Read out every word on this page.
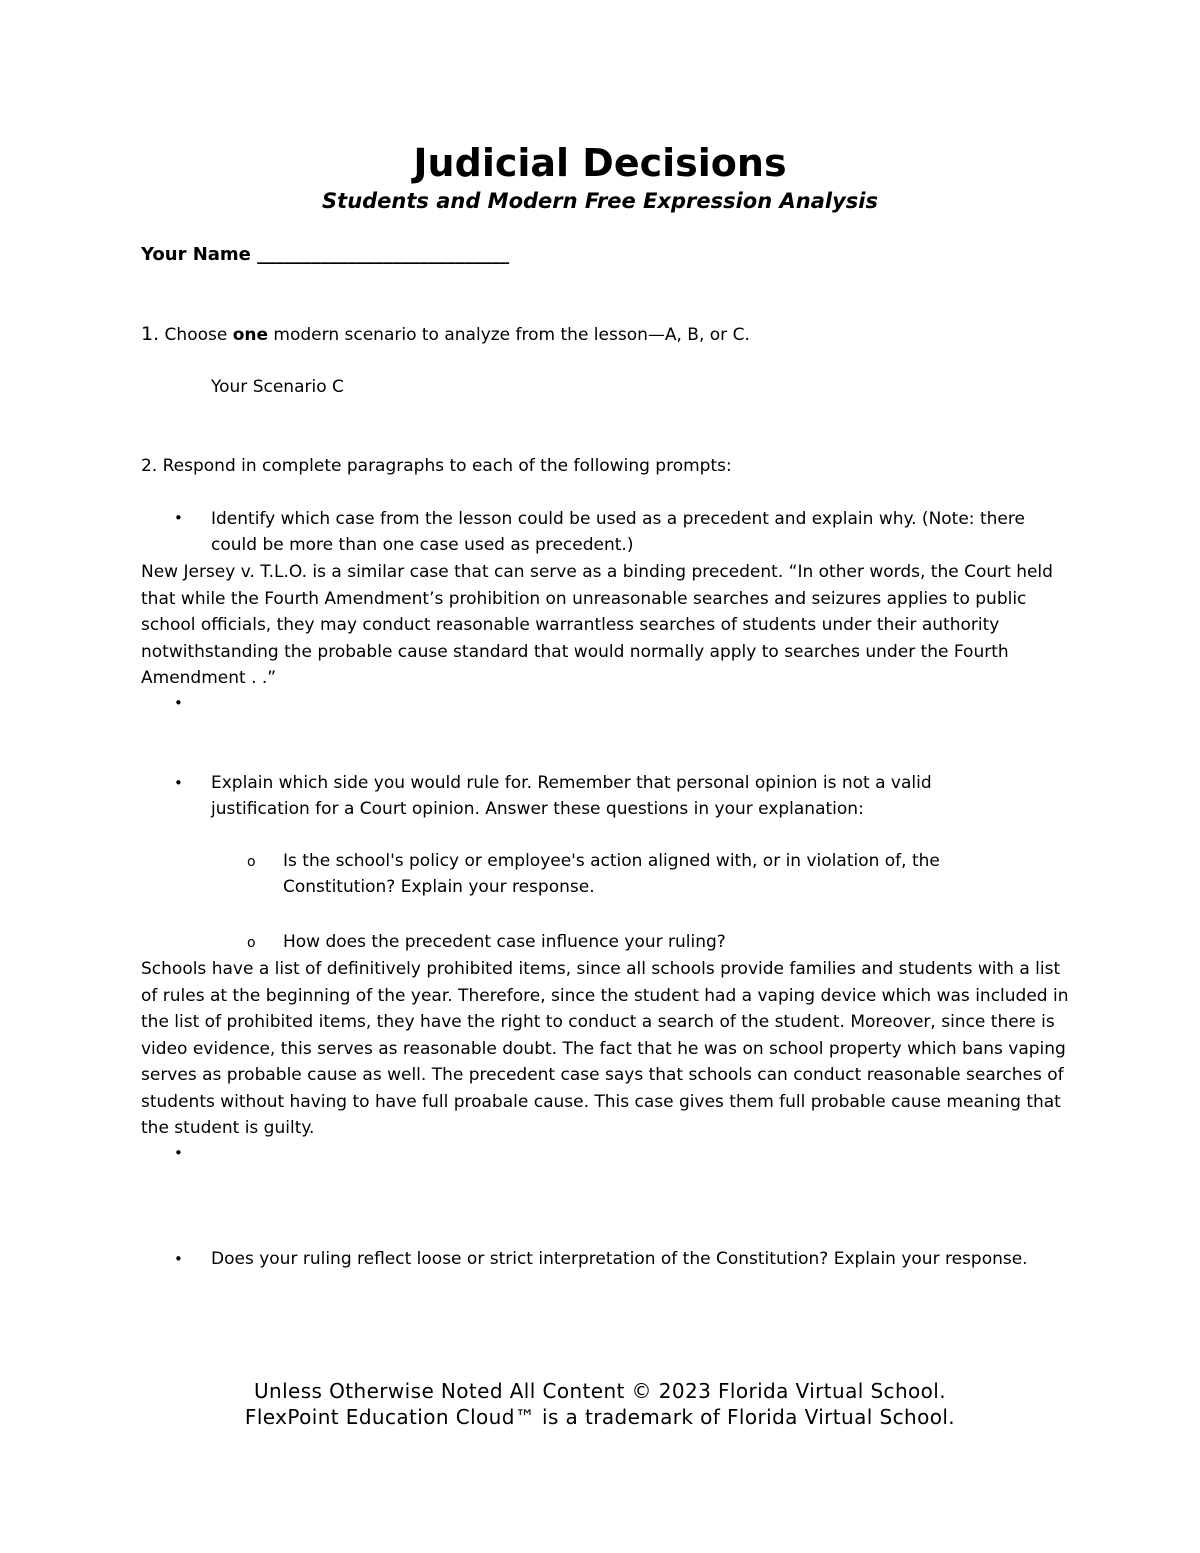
Judicial Decisions
Students and Modern Free Expression Analysis
Your Name ____________________________
1. Choose one modern scenario to analyze from the lesson—A, B, or C.
Your Scenario C
2. Respond in complete paragraphs to each of the following prompts:
• Identify which case from the lesson could be used as a precedent and explain why. (Note: there
could be more than one case used as precedent.)
New Jersey v. T.L.O. is a similar case that can serve as a binding precedent. “In other words, the Court held that while the Fourth Amendment’s prohibition on unreasonable searches and seizures applies to public school officials, they may conduct reasonable warrantless searches of students under their authority notwithstanding the probable cause standard that would normally apply to searches under the Fourth Amendment . .”
•
• Explain which side you would rule for. Remember that personal opinion is not a valid
justification for a Court opinion. Answer these questions in your explanation:
o Is the school's policy or employee's action aligned with, or in violation of, the
Constitution? Explain your response.
o How does the precedent case influence your ruling?
Schools have a list of definitively prohibited items, since all schools provide families and students with a list of rules at the beginning of the year. Therefore, since the student had a vaping device which was included in the list of prohibited items, they have the right to conduct a search of the student. Moreover, since there is video evidence, this serves as reasonable doubt. The fact that he was on school property which bans vaping serves as probable cause as well. The precedent case says that schools can conduct reasonable searches of students without having to have full proabale cause. This case gives them full probable cause meaning that the student is guilty.
•
• Does your ruling reflect loose or strict interpretation of the Constitution? Explain your response.
Unless Otherwise Noted All Content © 2023 Florida Virtual School.
FlexPoint Education Cloud™ is a trademark of Florida Virtual School.
